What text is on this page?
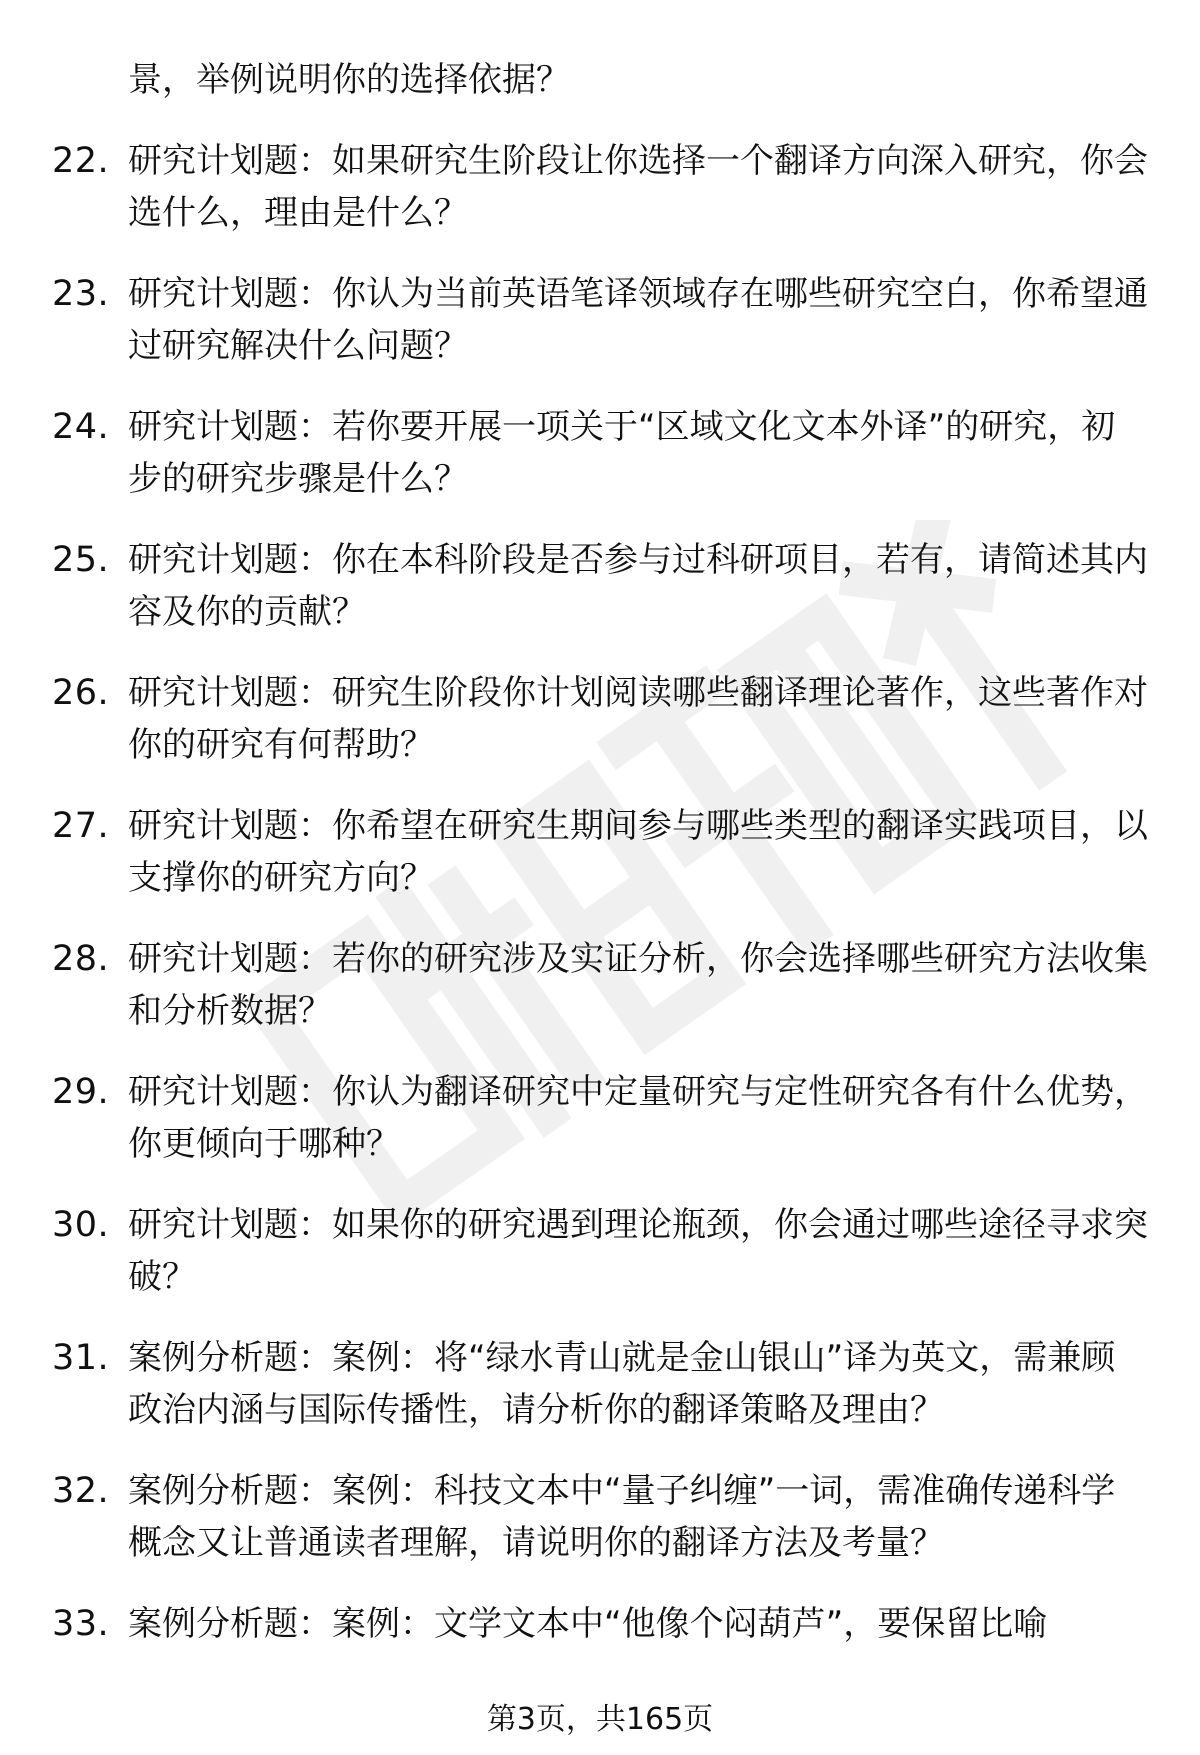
景，举例说明你的选择依据？
22. 研究计划题：如果研究生阶段让你选择一个翻译方向深入研究，你会选什么，理由是什么？
23. 研究计划题：你认为当前英语笔译领域存在哪些研究空白，你希望通过研究解决什么问题？
24. 研究计划题：若你要开展一项关于“区域文化文本外译”的研究，初步的研究步骤是什么？
25. 研究计划题：你在本科阶段是否参与过科研项目，若有，请简述其内容及你的贡献？
26. 研究计划题：研究生阶段你计划阅读哪些翻译理论著作，这些著作对你的研究有何帮助？
27. 研究计划题：你希望在研究生期间参与哪些类型的翻译实践项目，以支撑你的研究方向？
28. 研究计划题：若你的研究涉及实证分析，你会选择哪些研究方法收集和分析数据？
29. 研究计划题：你认为翻译研究中定量研究与定性研究各有什么优势，你更倾向于哪种？
30. 研究计划题：如果你的研究遇到理论瓶颈，你会通过哪些途径寻求突破？
31. 案例分析题：案例：将“绿水青山就是金山银山”译为英文，需兼顾政治内涵与国际传播性，请分析你的翻译策略及理由？
32. 案例分析题：案例：科技文本中“量子纠缠”一词，需准确传递科学概念又让普通读者理解，请说明你的翻译方法及考量？
33. 案例分析题：案例：文学文本中“他像个闷葫芦”，要保留比喻
第3页，共165页
